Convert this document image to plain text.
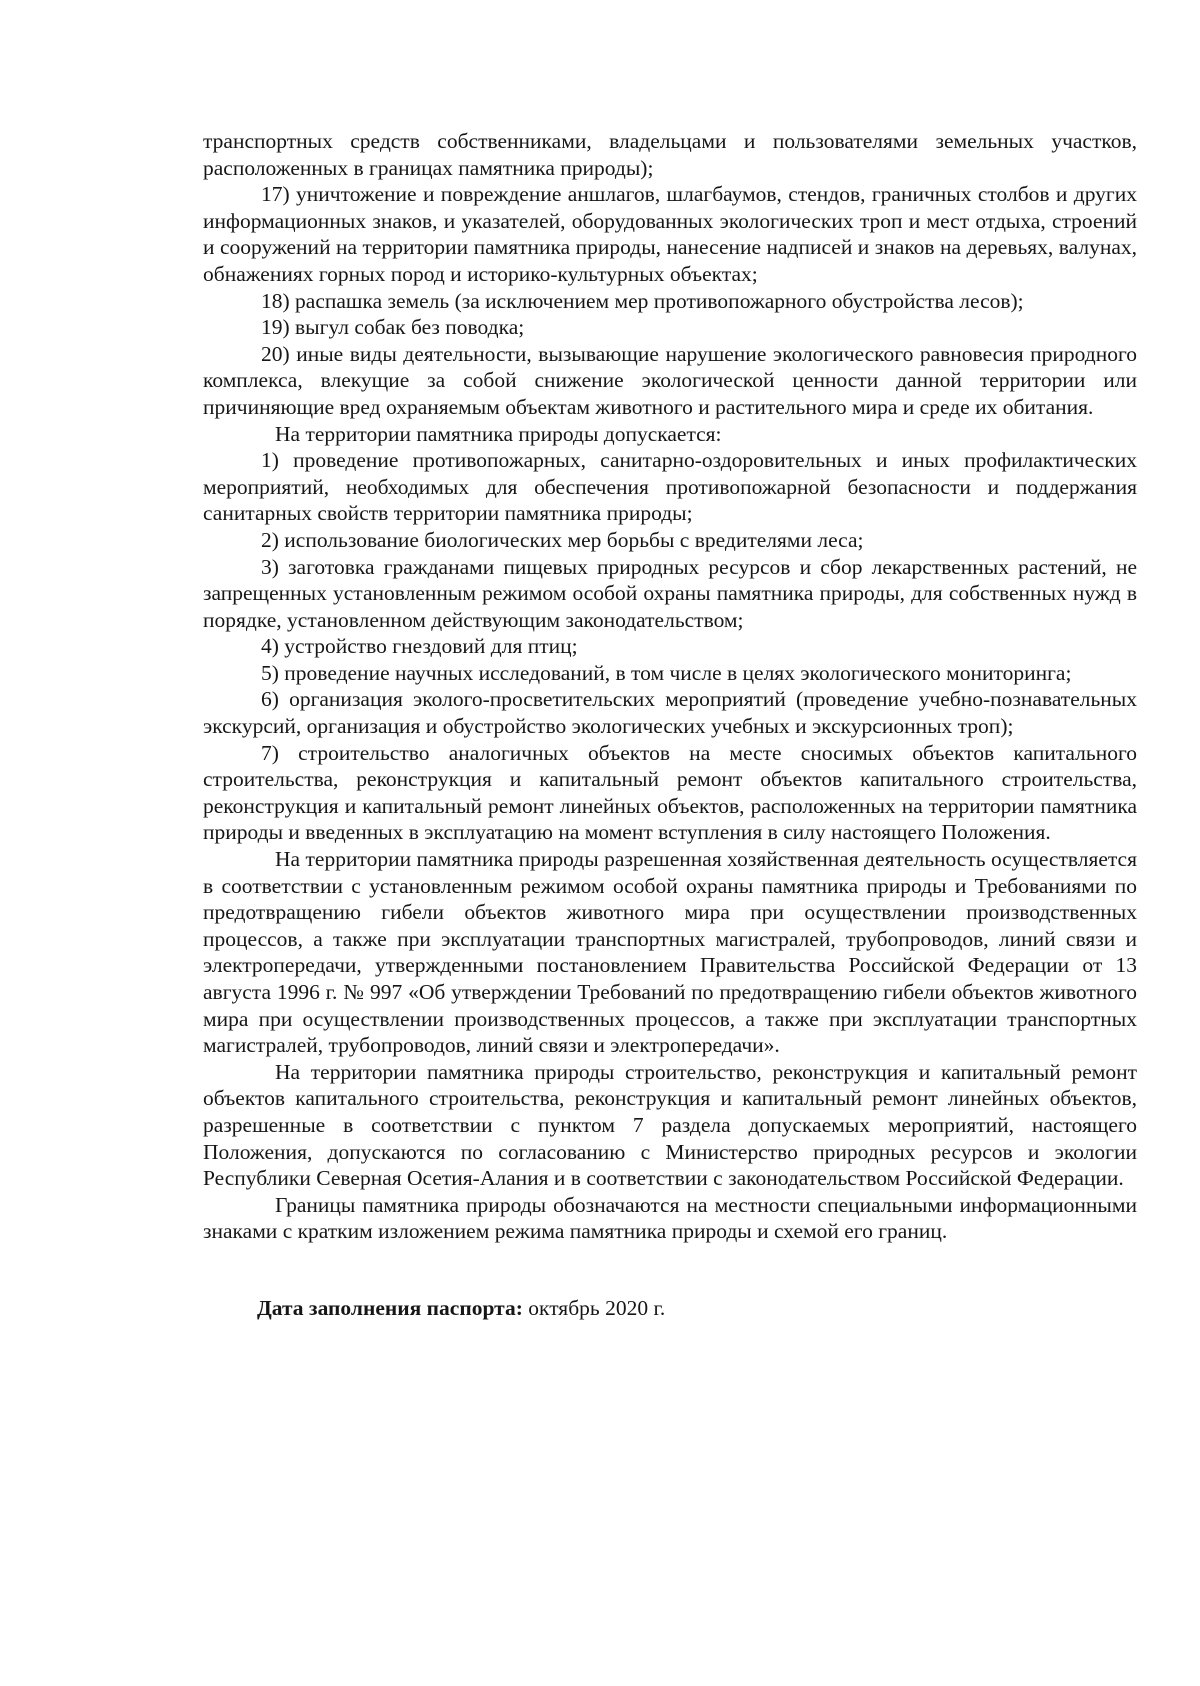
транспортных средств собственниками, владельцами и пользователями земельных участков, расположенных в границах памятника природы);

17) уничтожение и повреждение аншлагов, шлагбаумов, стендов, граничных столбов и других информационных знаков, и указателей, оборудованных экологических троп и мест отдыха, строений и сооружений на территории памятника природы, нанесение надписей и знаков на деревьях, валунах, обнажениях горных пород и историко-культурных объектах;

18) распашка земель (за исключением мер противопожарного обустройства лесов);

19) выгул собак без поводка;

20) иные виды деятельности, вызывающие нарушение экологического равновесия природного комплекса, влекущие за собой снижение экологической ценности данной территории или причиняющие вред охраняемым объектам животного и растительного мира и среде их обитания.

На территории памятника природы допускается:

1) проведение противопожарных, санитарно-оздоровительных и иных профилактических мероприятий, необходимых для обеспечения противопожарной безопасности и поддержания санитарных свойств территории памятника природы;

2) использование биологических мер борьбы с вредителями леса;

3) заготовка гражданами пищевых природных ресурсов и сбор лекарственных растений, не запрещенных установленным режимом особой охраны памятника природы, для собственных нужд в порядке, установленном действующим законодательством;

4) устройство гнездовий для птиц;

5) проведение научных исследований, в том числе в целях экологического мониторинга;

6) организация эколого-просветительских мероприятий (проведение учебно-познавательных экскурсий, организация и обустройство экологических учебных и экскурсионных троп);

7) строительство аналогичных объектов на месте сносимых объектов капитального строительства, реконструкция и капитальный ремонт объектов капитального строительства, реконструкция и капитальный ремонт линейных объектов, расположенных на территории памятника природы и введенных в эксплуатацию на момент вступления в силу настоящего Положения.

На территории памятника природы разрешенная хозяйственная деятельность осуществляется в соответствии с установленным режимом особой охраны памятника природы и Требованиями по предотвращению гибели объектов животного мира при осуществлении производственных процессов, а также при эксплуатации транспортных магистралей, трубопроводов, линий связи и электропередачи, утвержденными постановлением Правительства Российской Федерации от 13 августа 1996 г. № 997 «Об утверждении Требований по предотвращению гибели объектов животного мира при осуществлении производственных процессов, а также при эксплуатации транспортных магистралей, трубопроводов, линий связи и электропередачи».

На территории памятника природы строительство, реконструкция и капитальный ремонт объектов капитального строительства, реконструкция и капитальный ремонт линейных объектов, разрешенные в соответствии с пунктом 7 раздела допускаемых мероприятий, настоящего Положения, допускаются по согласованию с Министерство природных ресурсов и экологии Республики Северная Осетия-Алания и в соответствии с законодательством Российской Федерации.

Границы памятника природы обозначаются на местности специальными информационными знаками с кратким изложением режима памятника природы и схемой его границ.

Дата заполнения паспорта: октябрь 2020 г.
